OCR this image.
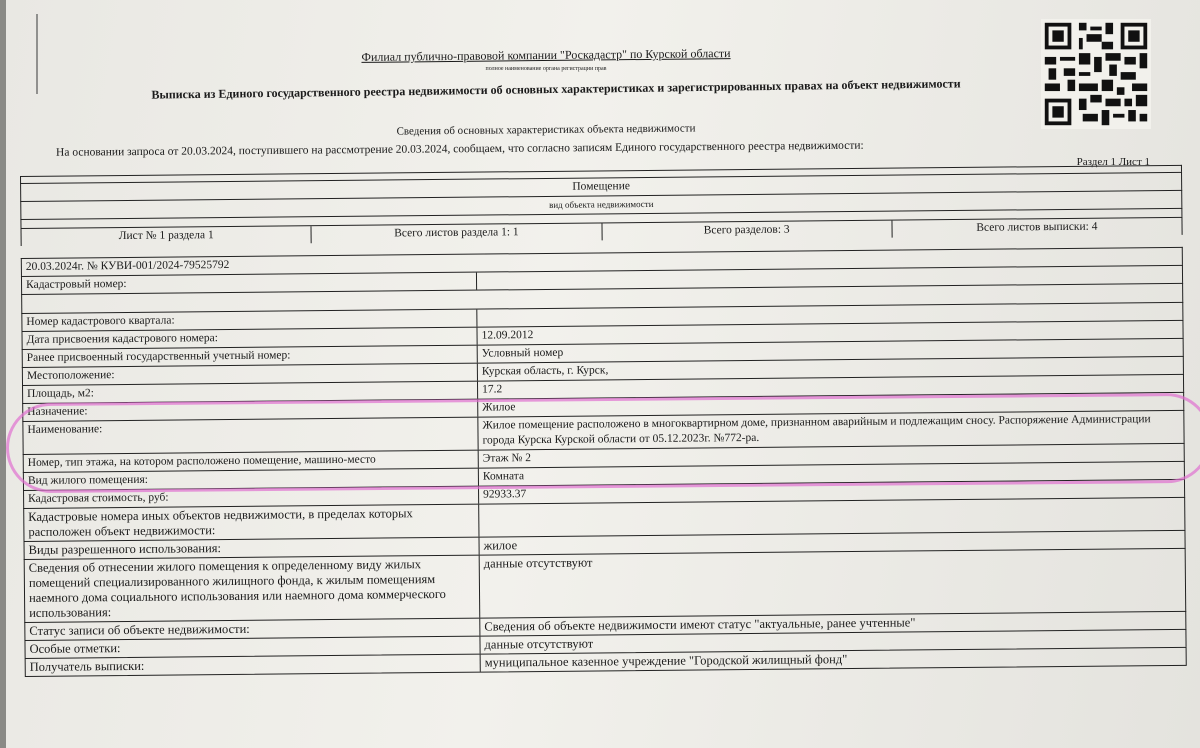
Филиал публично-правовой компании "Роскадастр" по Курской области
полное наименование органа регистрации прав
Выписка из Единого государственного реестра недвижимости об основных характеристиках и зарегистрированных правах на объект недвижимости
Сведения об основных характеристиках объекта недвижимости
На основании запроса от 20.03.2024, поступившего на рассмотрение 20.03.2024, сообщаем, что согласно записям Единого государственного реестра недвижимости:
Раздел 1 Лист 1
Помещение
вид объекта недвижимости
Лист № 1 раздела 1	Всего листов раздела 1: 1	Всего разделов: 3	Всего листов выписки: 4
20.03.2024г. № КУВИ-001/2024-79525792
Кадастровый номер:
Номер кадастрового квартала:
Дата присвоения кадастрового номера:	12.09.2012
Ранее присвоенный государственный учетный номер:	Условный номер
Местоположение:	Курская область, г. Курск,
Площадь, м2:	17.2
Назначение:	Жилое
Наименование:	Жилое помещение расположено в многоквартирном доме, признанном аварийным и подлежащим сносу. Распоряжение Администрации города Курска Курской области от 05.12.2023г. №772-ра.
Номер, тип этажа, на котором расположено помещение, машино-место	Этаж № 2
Вид жилого помещения:	Комната
Кадастровая стоимость, руб:	92933.37
Кадастровые номера иных объектов недвижимости, в пределах которых расположен объект недвижимости:
Виды разрешенного использования:	жилое
Сведения об отнесении жилого помещения к определенному виду жилых помещений специализированного жилищного фонда, к жилым помещениям наемного дома социального использования или наемного дома коммерческого использования:
данные отсутствуют
Статус записи об объекте недвижимости:	Сведения об объекте недвижимости имеют статус "актуальные, ранее учтенные"
Особые отметки:	данные отсутствуют
Получатель выписки:	муниципальное казенное учреждение "Городской жилищный фонд"
